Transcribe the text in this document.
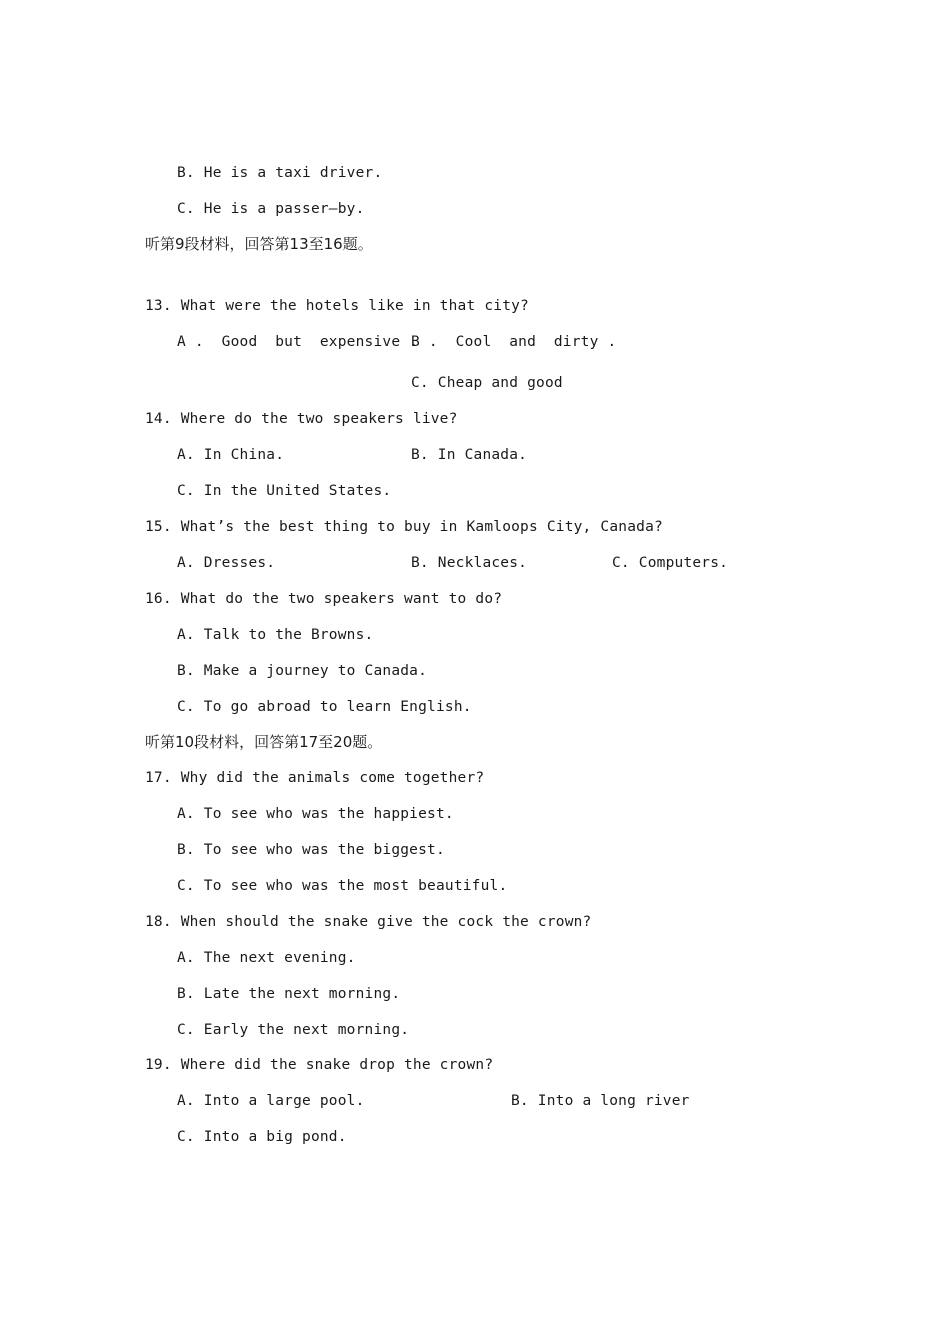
B. He is a taxi driver.
C. He is a passer—by.
听第9段材料，回答第13至16题。
13. What were the hotels like in that city?
A .  Good  but  expensive .
B .  Cool  and  dirty .
C. Cheap and good
14. Where do the two speakers live?
A. In China.	B. In Canada.
C. In the United States.
15. What’s the best thing to buy in Kamloops City, Canada?
A. Dresses.	B. Necklaces.	C. Computers.
16. What do the two speakers want to do?
A. Talk to the Browns.
B. Make a journey to Canada.
C. To go abroad to learn English.
听第10段材料，回答第17至20题。
17. Why did the animals come together?
A. To see who was the happiest.
B. To see who was the biggest.
C. To see who was the most beautiful.
18. When should the snake give the cock the crown?
A. The next evening.
B. Late the next morning.
C. Early the next morning.
19. Where did the snake drop the crown?
A. Into a large pool.	B. Into a long river
C. Into a big pond.
